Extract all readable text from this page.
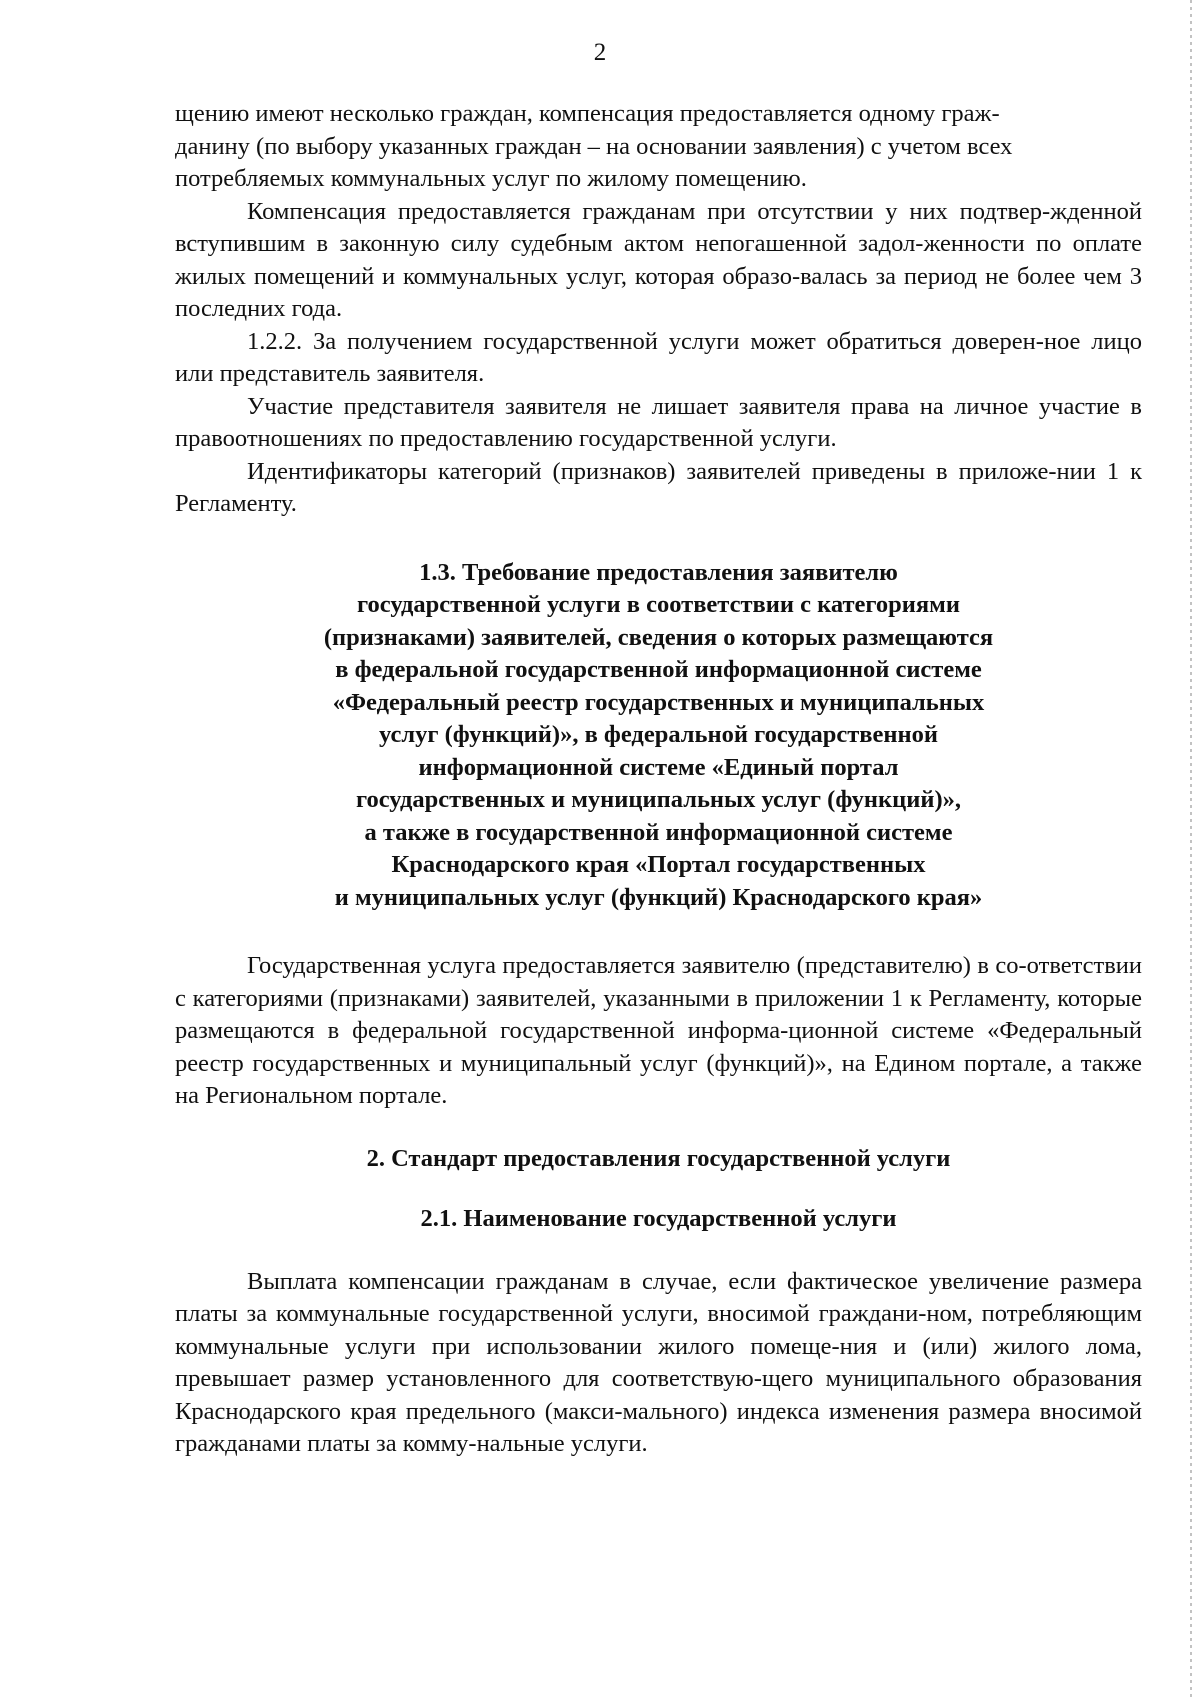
2

щению имеют несколько граждан, компенсация предоставляется одному граж-
данину (по выбору указанных граждан – на основании заявления) с учетом всех
потребляемых коммунальных услуг по жилому помещению.

Компенсация предоставляется гражданам при отсутствии у них подтвер-жденной вступившим в законную силу судебным актом непогашенной задол-женности по оплате жилых помещений и коммунальных услуг, которая образо-валась за период не более чем 3 последних года.

1.2.2. За получением государственной услуги может обратиться доверен-ное лицо или представитель заявителя.

Участие представителя заявителя не лишает заявителя права на личное участие в правоотношениях по предоставлению государственной услуги.

Идентификаторы категорий (признаков) заявителей приведены в приложе-нии 1 к Регламенту.

1.3. Требование предоставления заявителю
государственной услуги в соответствии с категориями
(признаками) заявителей, сведения о которых размещаются
в федеральной государственной информационной системе
«Федеральный реестр государственных и муниципальных
услуг (функций)», в федеральной государственной
информационной системе «Единый портал
государственных и муниципальных услуг (функций)»,
а также в государственной информационной системе
Краснодарского края «Портал государственных
и муниципальных услуг (функций) Краснодарского края»

Государственная услуга предоставляется заявителю (представителю) в со-ответствии с категориями (признаками) заявителей, указанными в приложении 1 к Регламенту, которые размещаются в федеральной государственной информа-ционной системе «Федеральный реестр государственных и муниципальный услуг (функций)», на Едином портале, а также на Региональном портале.

2. Стандарт предоставления государственной услуги
2.1. Наименование государственной услуги

Выплата компенсации гражданам в случае, если фактическое увеличение размера платы за коммунальные государственной услуги, вносимой граждани-ном, потребляющим коммунальные услуги при использовании жилого помеще-ния и (или) жилого лома, превышает размер установленного для соответствую-щего муниципального образования Краснодарского края предельного (макси-мального) индекса изменения размера вносимой гражданами платы за комму-нальные услуги.
